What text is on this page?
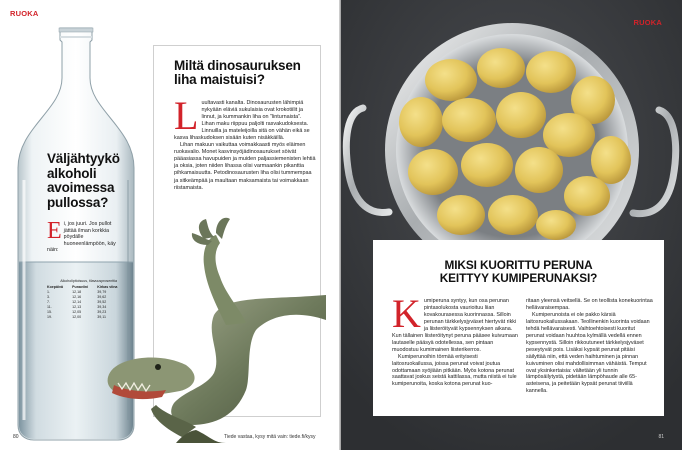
RUOKA
Väljähtyykö alkoholi avoimessa pullossa?
E i, jos juuri. Jos pullot jättää ilman korkkia pöydälle huoneenlämpöön, käy näin:
Alkoholipitoisuus, tilavuusprosenttia
Koepäivä	Punaviini	Kirkas viina
1.	12,18	39,79
3.	12,16	39,62
7.	12,14	39,52
11.	12,13	39,34
15.	12,05	39,23
19.	12,00	39,11
Miltä dinosauruksen liha maistuisi?

Luultavasti kanalta. Dinosaurusten lähimpiä nykyään eläviä sukulaisia ovat krokotiilit ja linnut, ja kummankin liha on ”linturnaista”. Lihan maku riippuu paljolti rasvakudoksesta. Linnuilla ja mateleijoilla sitä on vähän eikä se kasva lihaskudoksen sisään kuten nisäkkäillä.

Lihan makuun vaikuttaa voimakkaasti myös eläimen ruokavalio. Monet kasvinsyöjädinosaurukset söivät pääasiassa havupuiden ja muiden paljassiemenisten lehtiä ja oksia, joten niiden lihassa olisi varmaankin pikanttia pihkamaisuutta. Petodinosaurusten liha olisi tummempaa ja sitkeämpää ja maultaan maksamaista tai voimakkaan riistamaista.

80	Tiede vastaa, kysy mitä vain: tiede.fi/kysy
RUOKA
MIKSI KUORITTU PERUNA
KEITTYY KUMIPERUNAKSI?

Kumiperuna syntyy, kun osa perunan pintasolukosta vaurioituu liian kovakourasessa kuorinnassa. Silloin perunan tärkkelysjyväset hiertyvät rikki ja liisteröityvät kypsennyksen aikana. Kun tällainen liisteröitynyt peruna pääsee kuivumaan lautaselle pääsyä odotellessa, sen pintaan muodostuu kumimainen liisterikerros.

Kumiperunoihin törmää erityisesti laitosruokailussa, joissa perunat voivat joutua odottamaan syöjiään pitkään. Myös kotona perunat saattavat joskus seistä kattilassa, mutta niistä ei tule kumiperunoita, koska kotona perunat kuo-

ritaan yleensä veitsellä. Se on teollista konekuorintaa hellävaraisempaa.

Kumiperunoista ei ole pakko kärsiä laitosruokailussakaan. Teollinenkin kuorinta voidaan tehdä hellävaraisesti. Vaihtoehtoisesti kuoritut perunat voidaan huuhtoa kylmällä vedellä ennen kypsennystä. Silloin rikkoutuneet tärkkelysjyväset peseytyvät pois. Lisäksi kypsät perunat pitäisi säilyttää niin, että veden haihtuminen ja pinnan kuivuminen olisi mahdollisimman vähäistä. Temput ovat yksinkertaisia: vältetään yli tunnin lämpösäilytystä, pidetään lämpöhaude alle 65-asteisena, ja peitetään kypsät perunat tiiviillä kannella.

81
